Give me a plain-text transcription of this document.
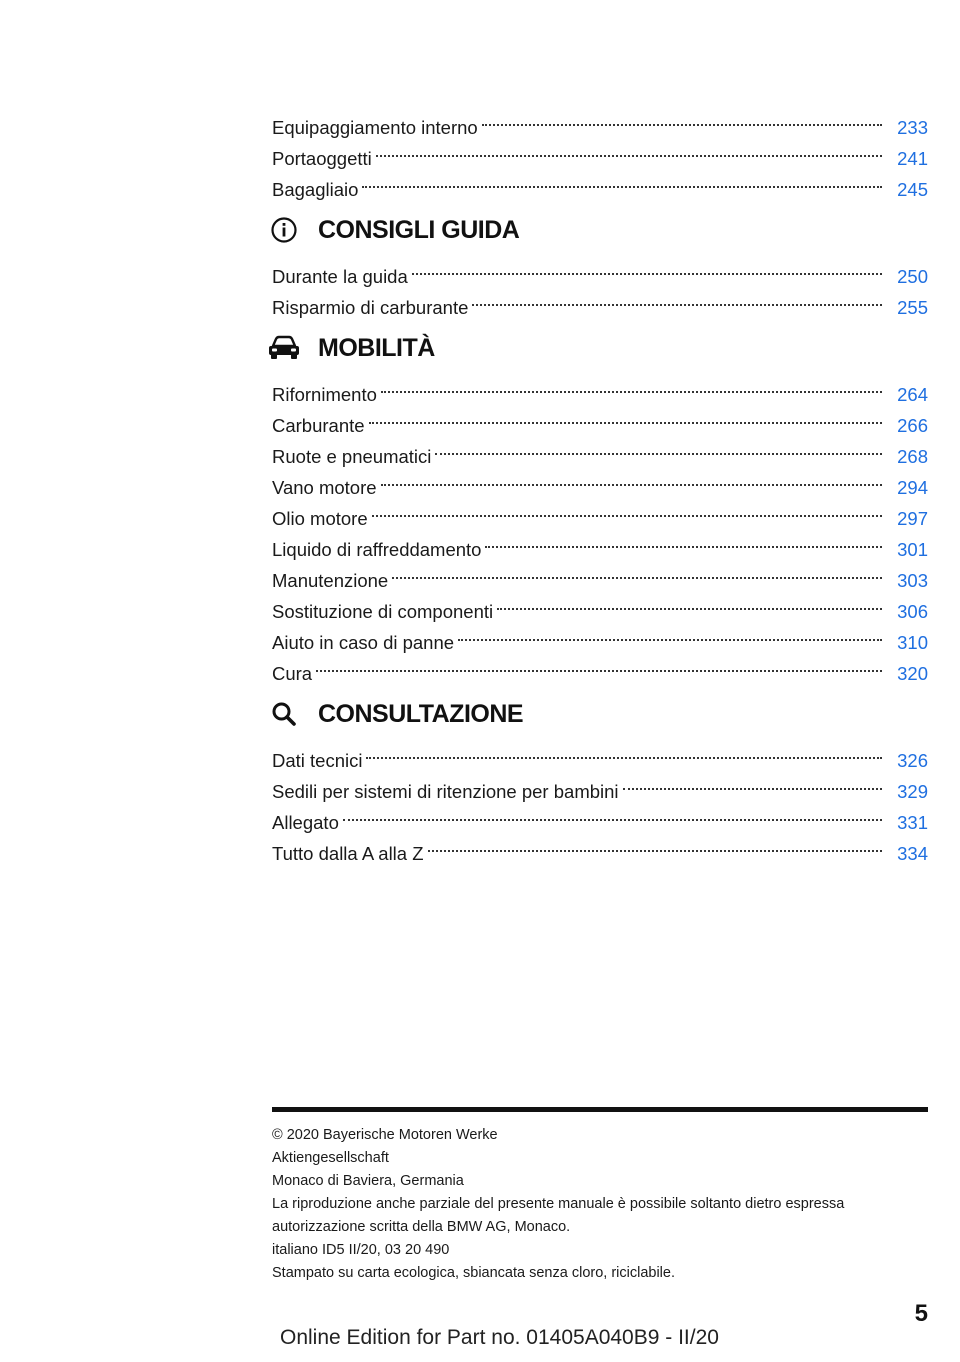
Equipaggiamento interno	233
Portaoggetti	241
Bagagliaio	245
CONSIGLI GUIDA
Durante la guida	250
Risparmio di carburante	255
MOBILITÀ
Rifornimento	264
Carburante	266
Ruote e pneumatici	268
Vano motore	294
Olio motore	297
Liquido di raffreddamento	301
Manutenzione	303
Sostituzione di componenti	306
Aiuto in caso di panne	310
Cura	320
CONSULTAZIONE
Dati tecnici	326
Sedili per sistemi di ritenzione per bambini	329
Allegato	331
Tutto dalla A alla Z	334
© 2020 Bayerische Motoren Werke
Aktiengesellschaft
Monaco di Baviera, Germania
La riproduzione anche parziale del presente manuale è possibile soltanto dietro espressa
autorizzazione scritta della BMW AG, Monaco.
italiano ID5 II/20, 03 20 490
Stampato su carta ecologica, sbiancata senza cloro, riciclabile.
5
Online Edition for Part no. 01405A040B9 - II/20
